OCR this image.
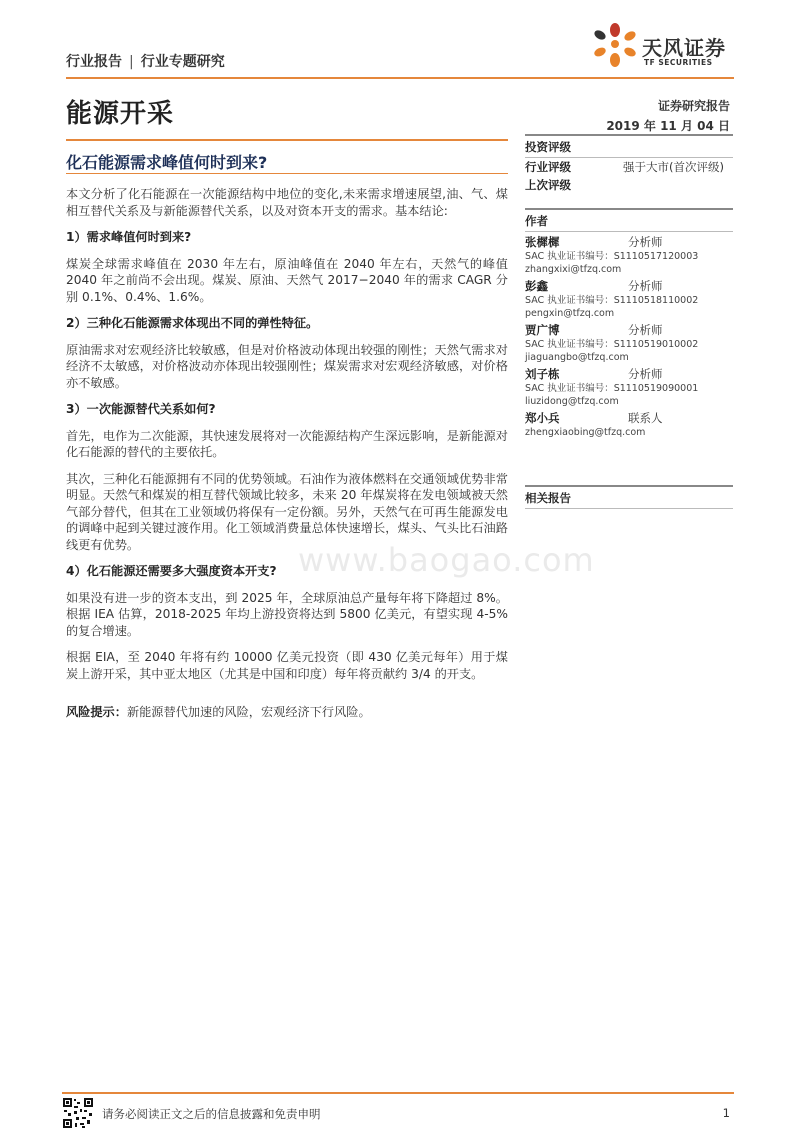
行业报告 | 行业专题研究
天风证券
TF SECURITIES
能源开采	证券研究报告
2019 年 11 月 04 日
化石能源需求峰值何时到来?

本文分析了化石能源在一次能源结构中地位的变化,未来需求增速展望,油、气、煤相互替代关系及与新能源替代关系，以及对资本开支的需求。基本结论:

1）需求峰值何时到来?

煤炭全球需求峰值在 2030 年左右，原油峰值在 2040 年左右，天然气的峰值 2040 年之前尚不会出现。煤炭、原油、天然气 2017−2040 年的需求 CAGR 分别 0.1%、0.4%、1.6%。

2）三种化石能源需求体现出不同的弹性特征。

原油需求对宏观经济比较敏感，但是对价格波动体现出较强的刚性；天然气需求对经济不太敏感，对价格波动亦体现出较强刚性；煤炭需求对宏观经济敏感，对价格亦不敏感。

3）一次能源替代关系如何?

首先，电作为二次能源，其快速发展将对一次能源结构产生深远影响，是新能源对化石能源的替代的主要依托。

其次，三种化石能源拥有不同的优势领域。石油作为液体燃料在交通领域优势非常明显。天然气和煤炭的相互替代领域比较多，未来 20 年煤炭将在发电领域被天然气部分替代，但其在工业领域仍将保有一定份额。另外，天然气在可再生能源发电的调峰中起到关键过渡作用。化工领域消费量总体快速增长，煤头、气头比石油路线更有优势。

4）化石能源还需要多大强度资本开支?

如果没有进一步的资本支出，到 2025 年，全球原油总产量每年将下降超过 8%。根据 IEA 估算，2018-2025 年均上游投资将达到 5800 亿美元，有望实现 4-5%的复合增速。

根据 EIA，至 2040 年将有约 10000 亿美元投资（即 430 亿美元每年）用于煤炭上游开采，其中亚太地区（尤其是中国和印度）每年将贡献约 3/4 的开支。

风险提示：新能源替代加速的风险，宏观经济下行风险。

投资评级
行业评级	强于大市(首次评级)
上次评级
作者
张樨樨	分析师
SAC 执业证书编号：S1110517120003
zhangxixi@tfzq.com
彭鑫	分析师
SAC 执业证书编号：S1110518110002
pengxin@tfzq.com
贾广博	分析师
SAC 执业证书编号：S1110519010002
jiaguangbo@tfzq.com
刘子栋	分析师
SAC 执业证书编号：S1110519090001
liuzidong@tfzq.com
郑小兵	联系人
zhengxiaobing@tfzq.com
相关报告
www.baogao.com
请务必阅读正文之后的信息披露和免责申明	1
